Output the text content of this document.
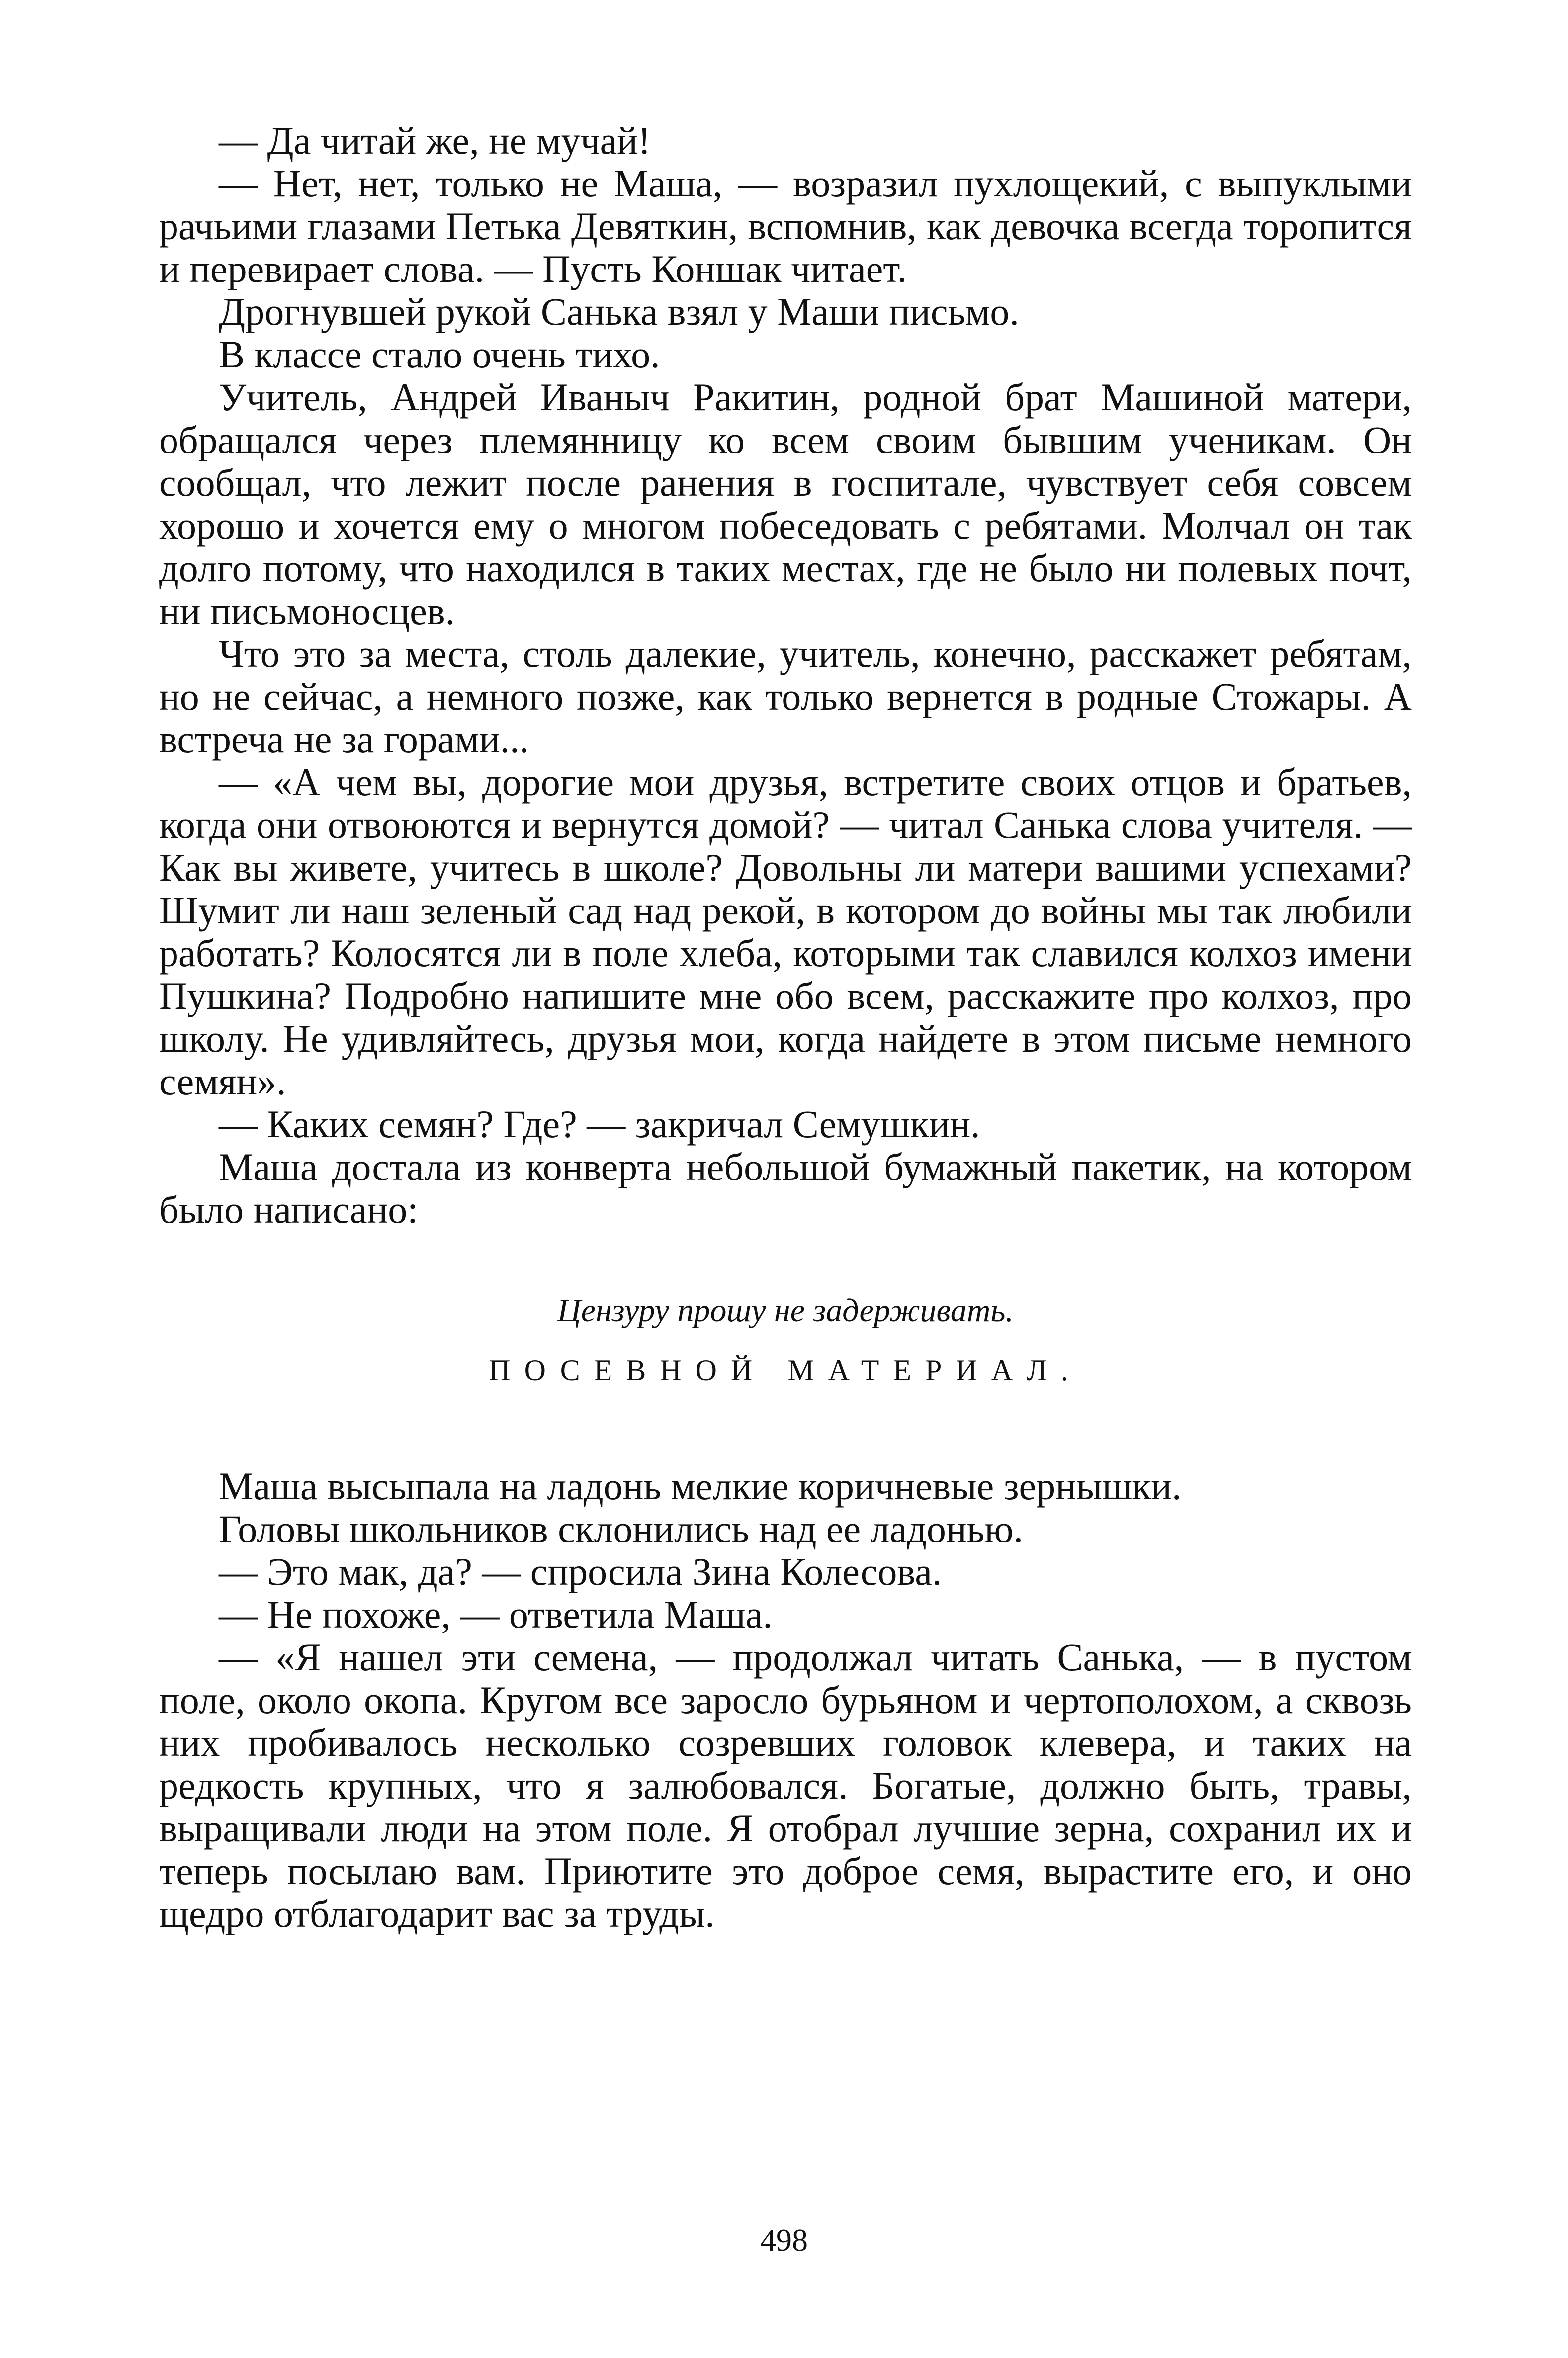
— Да читай же, не мучай!

— Нет, нет, только не Маша, — возразил пухлощекий, с выпуклыми рачьими глазами Петька Девяткин, вспомнив, как девочка всегда торопится и перевирает слова. — Пусть Коншак читает.

Дрогнувшей рукой Санька взял у Маши письмо.

В классе стало очень тихо.

Учитель, Андрей Иваныч Ракитин, родной брат Машиной матери, обращался через племянницу ко всем своим бывшим ученикам. Он сообщал, что лежит после ранения в госпитале, чувствует себя совсем хорошо и хочется ему о многом побеседовать с ребятами. Молчал он так долго потому, что находился в таких местах, где не было ни полевых почт, ни письмоносцев.

Что это за места, столь далекие, учитель, конечно, расскажет ребятам, но не сейчас, а немного позже, как только вернется в родные Стожары. А встреча не за горами...

— «А чем вы, дорогие мои друзья, встретите своих отцов и братьев, когда они отвоюются и вернутся домой? — читал Санька слова учителя. — Как вы живете, учитесь в школе? Довольны ли матери вашими успехами? Шумит ли наш зеленый сад над рекой, в котором до войны мы так любили работать? Колосятся ли в поле хлеба, которыми так славился колхоз имени Пушкина? Подробно напишите мне обо всем, расскажите про колхоз, про школу. Не удивляйтесь, друзья мои, когда найдете в этом письме немного семян».

— Каких семян? Где? — закричал Семушкин.

Маша достала из конверта небольшой бумажный пакетик, на котором было написано:

Цензуру прошу не задерживать.

ПОСЕВНОЙ МАТЕРИАЛ.

Маша высыпала на ладонь мелкие коричневые зернышки.

Головы школьников склонились над ее ладонью.

— Это мак, да? — спросила Зина Колесова.

— Не похоже, — ответила Маша.

— «Я нашел эти семена, — продолжал читать Санька, — в пустом поле, около окопа. Кругом все заросло бурьяном и чертополохом, а сквозь них пробивалось несколько созревших головок клевера, и таких на редкость крупных, что я залюбовался. Богатые, должно быть, травы, выращивали люди на этом поле. Я отобрал лучшие зерна, сохранил их и теперь посылаю вам. Приютите это доброе семя, вырастите его, и оно щедро отблагодарит вас за труды.

498
